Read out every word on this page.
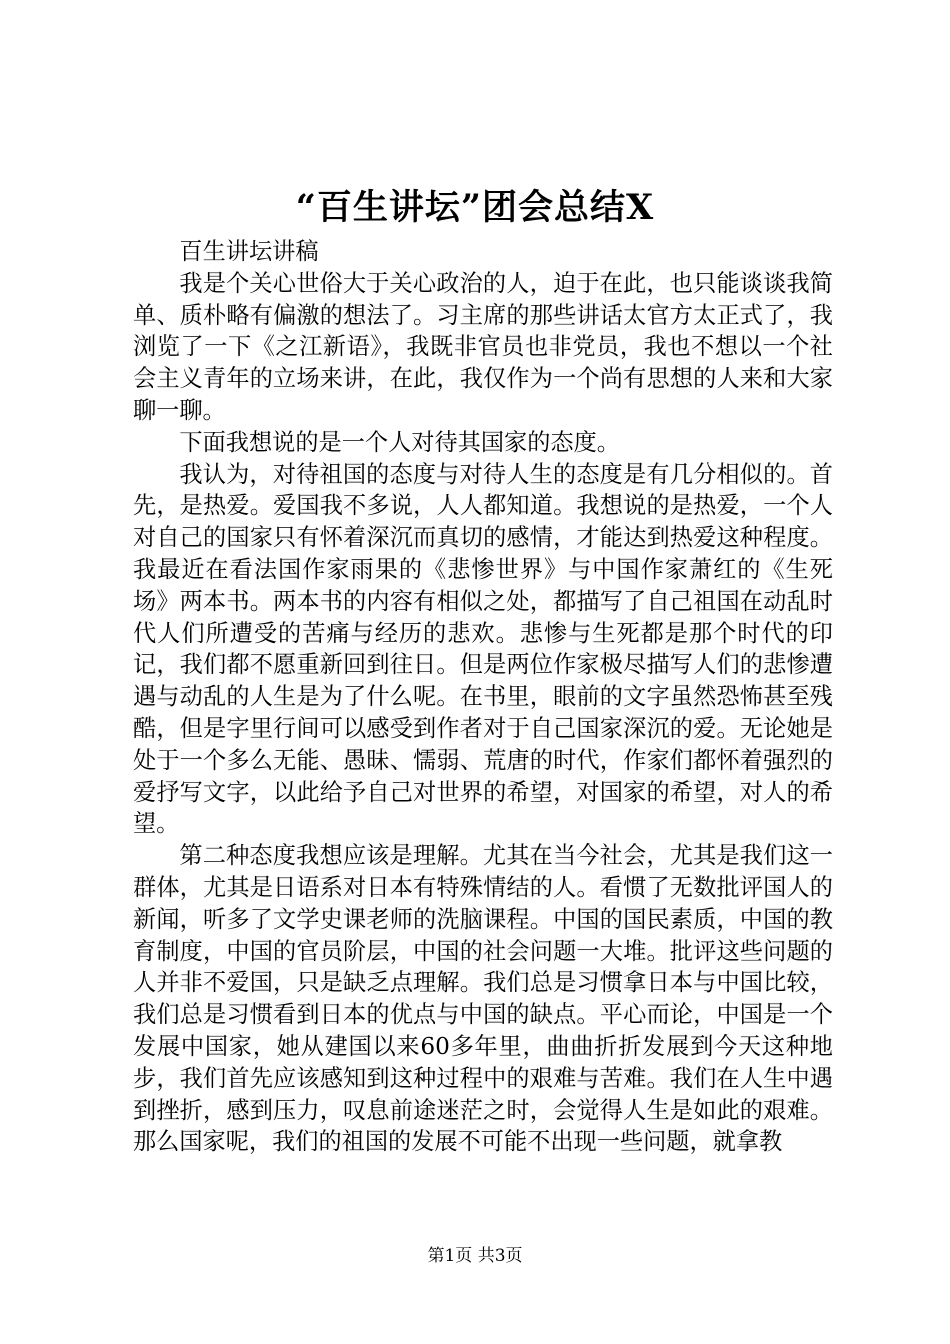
“百生讲坛”团会总结X

百生讲坛讲稿

我是个关心世俗大于关心政治的人，迫于在此，也只能谈谈我简单、质朴略有偏激的想法了。习主席的那些讲话太官方太正式了，我浏览了一下《之江新语》，我既非官员也非党员，我也不想以一个社会主义青年的立场来讲，在此，我仅作为一个尚有思想的人来和大家聊一聊。

下面我想说的是一个人对待其国家的态度。

我认为，对待祖国的态度与对待人生的态度是有几分相似的。首先，是热爱。爱国我不多说，人人都知道。我想说的是热爱，一个人对自己的国家只有怀着深沉而真切的感情，才能达到热爱这种程度。我最近在看法国作家雨果的《悲惨世界》与中国作家萧红的《生死场》两本书。两本书的内容有相似之处，都描写了自己祖国在动乱时代人们所遭受的苦痛与经历的悲欢。悲惨与生死都是那个时代的印记，我们都不愿重新回到往日。但是两位作家极尽描写人们的悲惨遭遇与动乱的人生是为了什么呢。在书里，眼前的文字虽然恐怖甚至残酷，但是字里行间可以感受到作者对于自己国家深沉的爱。无论她是处于一个多么无能、愚昧、懦弱、荒唐的时代，作家们都怀着强烈的爱抒写文字，以此给予自己对世界的希望，对国家的希望，对人的希望。

第二种态度我想应该是理解。尤其在当今社会，尤其是我们这一群体，尤其是日语系对日本有特殊情结的人。看惯了无数批评国人的新闻，听多了文学史课老师的洗脑课程。中国的国民素质，中国的教育制度，中国的官员阶层，中国的社会问题一大堆。批评这些问题的人并非不爱国，只是缺乏点理解。我们总是习惯拿日本与中国比较，我们总是习惯看到日本的优点与中国的缺点。平心而论，中国是一个发展中国家，她从建国以来60多年里，曲曲折折发展到今天这种地步，我们首先应该感知到这种过程中的艰难与苦难。我们在人生中遇到挫折，感到压力，叹息前途迷茫之时，会觉得人生是如此的艰难。那么国家呢，我们的祖国的发展不可能不出现一些问题，就拿教

第1页 共3页
